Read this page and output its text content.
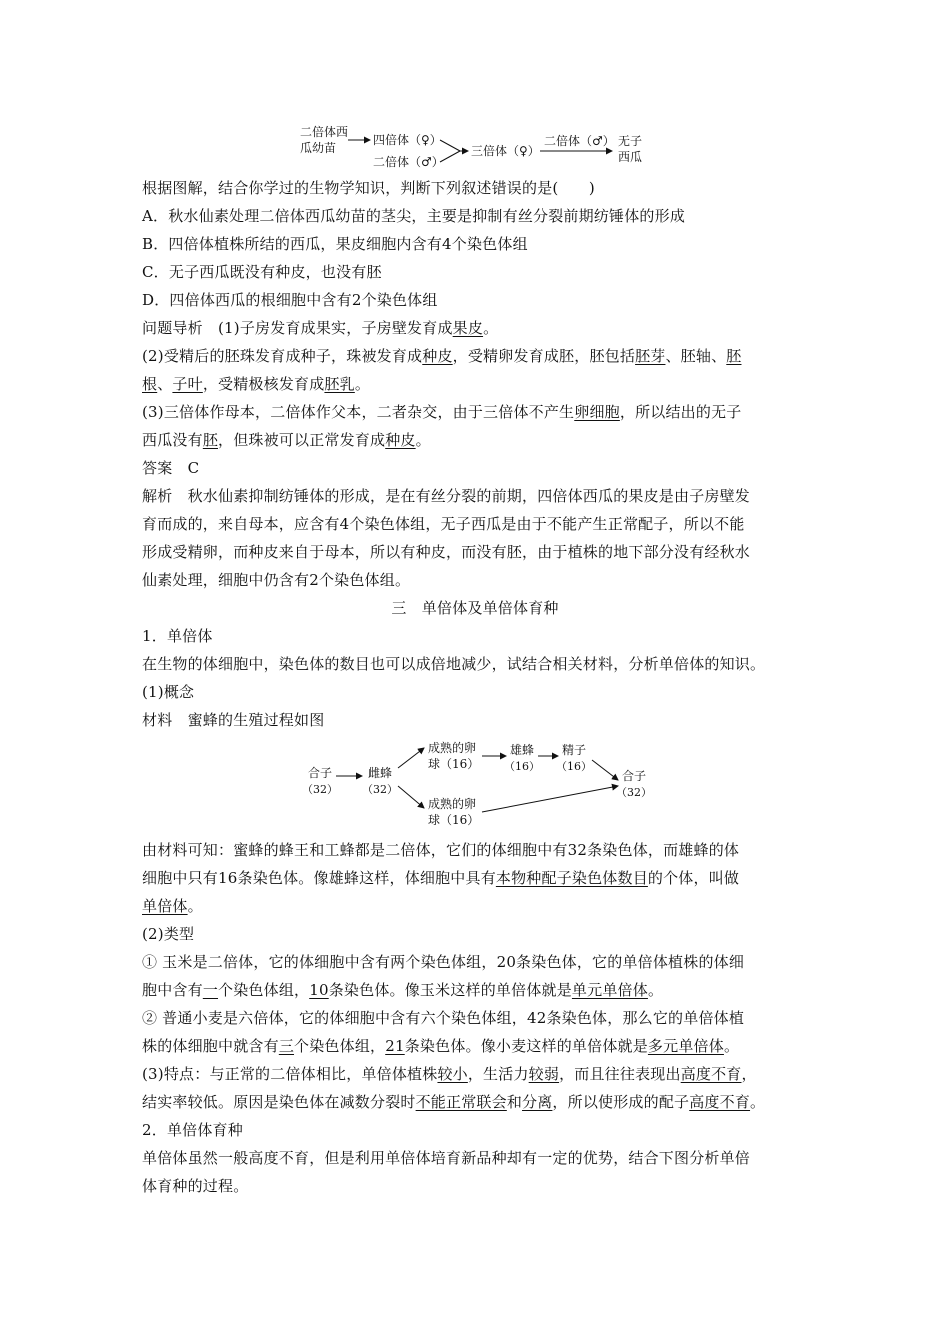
二倍体西
瓜幼苗
四倍体（♀）
二倍体（♂）
三倍体（♀）
二倍体（♂） 无子
西瓜
根据图解，结合你学过的生物学知识，判断下列叙述错误的是(　　)
A．秋水仙素处理二倍体西瓜幼苗的茎尖，主要是抑制有丝分裂前期纺锤体的形成
B．四倍体植株所结的西瓜，果皮细胞内含有4个染色体组
C．无子西瓜既没有种皮，也没有胚
D．四倍体西瓜的根细胞中含有2个染色体组
问题导析　(1)子房发育成果实，子房壁发育成果皮。
(2)受精后的胚珠发育成种子，珠被发育成种皮，受精卵发育成胚，胚包括胚芽、胚轴、胚
根、子叶，受精极核发育成胚乳。
(3)三倍体作母本，二倍体作父本，二者杂交，由于三倍体不产生卵细胞，所以结出的无子
西瓜没有胚，但珠被可以正常发育成种皮。
答案　C
解析　秋水仙素抑制纺锤体的形成，是在有丝分裂的前期，四倍体西瓜的果皮是由子房壁发
育而成的，来自母本，应含有4个染色体组，无子西瓜是由于不能产生正常配子，所以不能
形成受精卵，而种皮来自于母本，所以有种皮，而没有胚，由于植株的地下部分没有经秋水
仙素处理，细胞中仍含有2个染色体组。
三　单倍体及单倍体育种
1．单倍体
在生物的体细胞中，染色体的数目也可以成倍地减少，试结合相关材料，分析单倍体的知识。
(1)概念
材料　蜜蜂的生殖过程如图
合子
（32）
雌蜂
（32）
成熟的卵
球（16）
雄蜂
（16）
精子
（16）
合子
（32）
成熟的卵
球（16）
由材料可知：蜜蜂的蜂王和工蜂都是二倍体，它们的体细胞中有32条染色体，而雄蜂的体
细胞中只有16条染色体。像雄蜂这样，体细胞中具有本物种配子染色体数目的个体，叫做
单倍体。
(2)类型
① 玉米是二倍体，它的体细胞中含有两个染色体组，20条染色体，它的单倍体植株的体细
胞中含有一个染色体组，10条染色体。像玉米这样的单倍体就是单元单倍体。
② 普通小麦是六倍体，它的体细胞中含有六个染色体组，42条染色体，那么它的单倍体植
株的体细胞中就含有三个染色体组，21条染色体。像小麦这样的单倍体就是多元单倍体。
(3)特点：与正常的二倍体相比，单倍体植株较小，生活力较弱，而且往往表现出高度不育，
结实率较低。原因是染色体在减数分裂时不能正常联会和分离，所以使形成的配子高度不育。
2．单倍体育种
单倍体虽然一般高度不育，但是利用单倍体培育新品种却有一定的优势，结合下图分析单倍
体育种的过程。
